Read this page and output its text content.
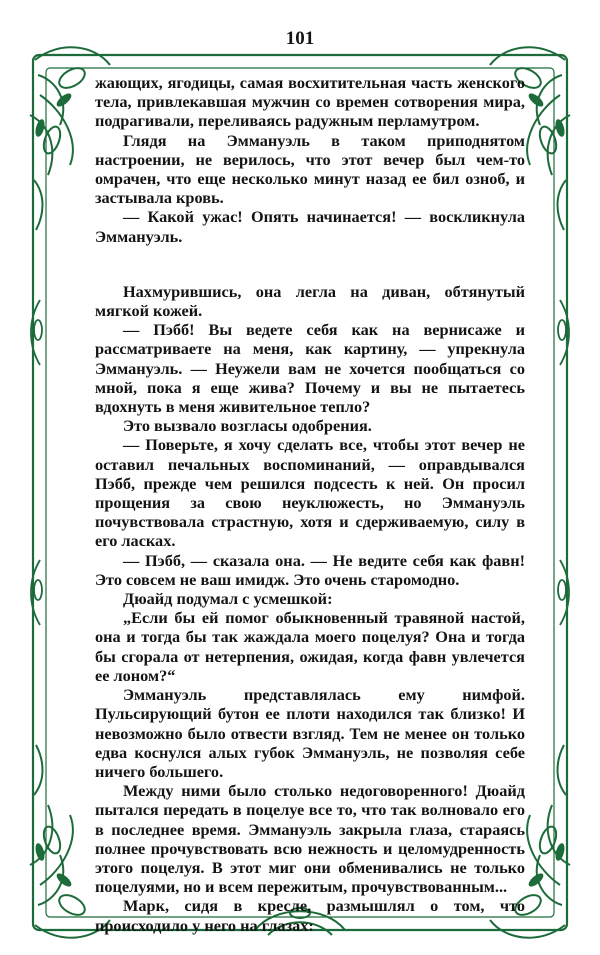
101

жающих, ягодицы, самая восхитительная часть женского тела, привлекавшая мужчин со времен сотворения мира, подрагивали, переливаясь радужным перламутром.

Глядя на Эммануэль в таком приподнятом настроении, не верилось, что этот вечер был чем-то омрачен, что еще несколько минут назад ее бил озноб, и застывала кровь.

— Какой ужас! Опять начинается! — воскликнула Эммануэль.

Нахмурившись, она легла на диван, обтянутый мягкой кожей.

— Пэбб! Вы ведете себя как на вернисаже и рассматриваете на меня, как картину, — упрекнула Эммануэль. — Неужели вам не хочется пообщаться со мной, пока я еще жива? Почему и вы не пытаетесь вдохнуть в меня живительное тепло?

Это вызвало возгласы одобрения.

— Поверьте, я хочу сделать все, чтобы этот вечер не оставил печальных воспоминаний, — оправдывался Пэбб, прежде чем решился подсесть к ней. Он просил прощения за свою неуклюжесть, но Эммануэль почувствовала страстную, хотя и сдерживаемую, силу в его ласках.

— Пэбб, — сказала она. — Не ведите себя как фавн! Это совсем не ваш имидж. Это очень старомодно.

Дюайд подумал с усмешкой:

„Если бы ей помог обыкновенный травяной настой, она и тогда бы так жаждала моего поцелуя? Она и тогда бы сгорала от нетерпения, ожидая, когда фавн увлечется ее лоном?“

Эммануэль представлялась ему нимфой. Пульсирующий бутон ее плоти находился так близко! И невозможно было отвести взгляд. Тем не менее он только едва коснулся алых губок Эммануэль, не позволяя себе ничего большего.

Между ними было столько недоговоренного! Дюайд пытался передать в поцелуе все то, что так волновало его в последнее время. Эммануэль закрыла глаза, стараясь полнее прочувствовать всю нежность и целомудренность этого поцелуя. В этот миг они обменивались не только поцелуями, но и всем пережитым, прочувствованным...

Марк, сидя в кресле, размышлял о том, что происходило у него на глазах:
